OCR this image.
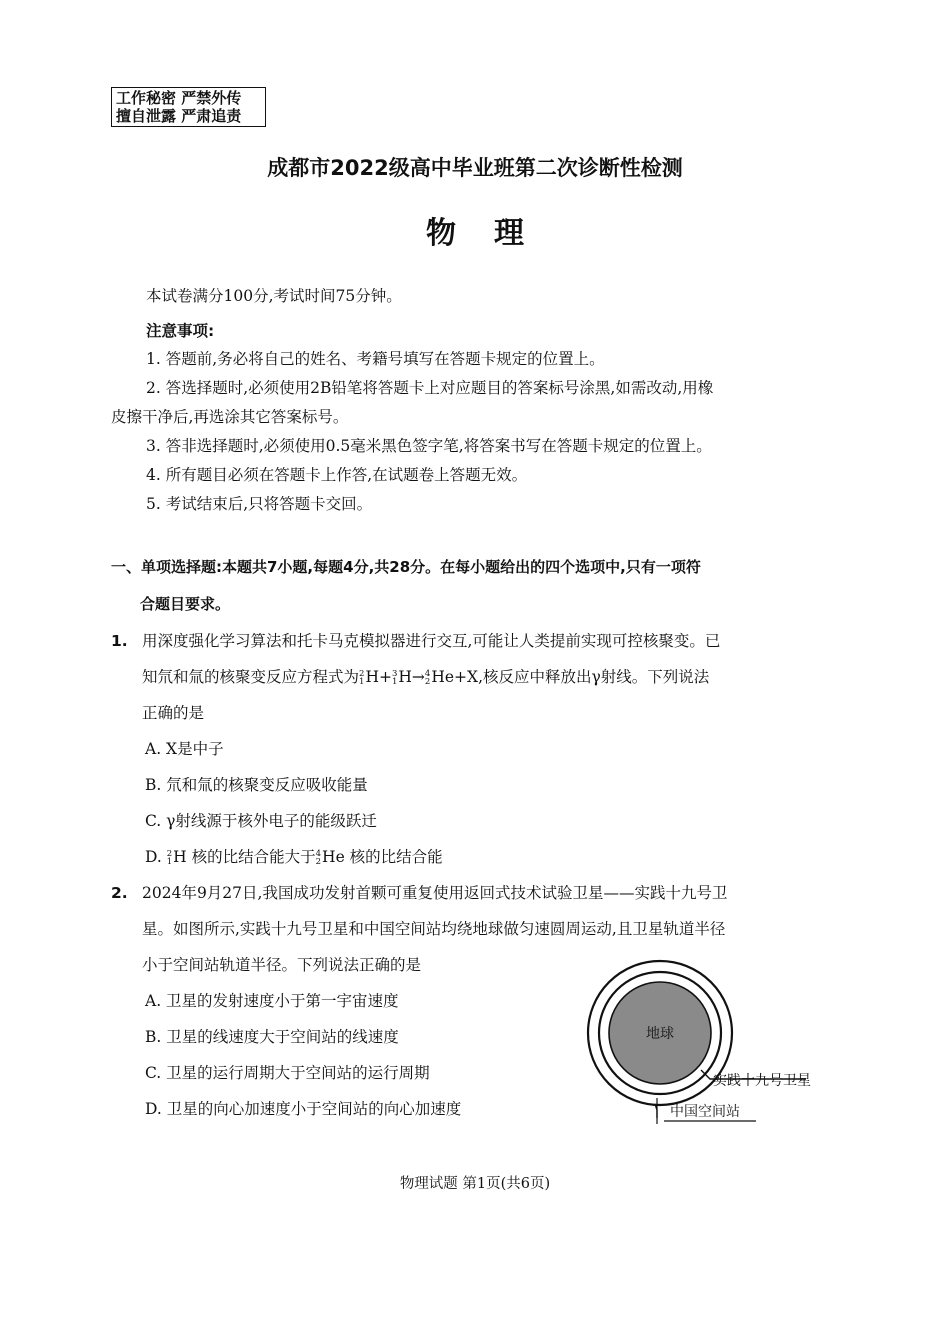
工作秘密 严禁外传
擅自泄露 严肃追责
成都市2022级高中毕业班第二次诊断性检测
物理
本试卷满分100分,考试时间75分钟。
注意事项:
1. 答题前,务必将自己的姓名、考籍号填写在答题卡规定的位置上。
2. 答选择题时,必须使用2B铅笔将答题卡上对应题目的答案标号涂黑,如需改动,用橡
皮擦干净后,再选涂其它答案标号。
3. 答非选择题时,必须使用0.5毫米黑色签字笔,将答案书写在答题卡规定的位置上。
4. 所有题目必须在答题卡上作答,在试题卷上答题无效。
5. 考试结束后,只将答题卡交回。
一、单项选择题:本题共7小题,每题4分,共28分。在每小题给出的四个选项中,只有一项符
合题目要求。
1. 用深度强化学习算法和托卡马克模拟器进行交互,可能让人类提前实现可控核聚变。已
知氘和氚的核聚变反应方程式为 2
1 H+ 3
1 H→ 4
2 He+X,核反应中释放出γ射线。下列说法
正确的是
A. X是中子
B. 氘和氚的核聚变反应吸收能量
C. γ射线源于核外电子的能级跃迁
D. 2
1 H 核的比结合能大于 4
2 He 核的比结合能
2. 2024年9月27日,我国成功发射首颗可重复使用返回式技术试验卫星——实践十九号卫
星。如图所示,实践十九号卫星和中国空间站均绕地球做匀速圆周运动,且卫星轨道半径
小于空间站轨道半径。下列说法正确的是
A. 卫星的发射速度小于第一宇宙速度
B. 卫星的线速度大于空间站的线速度
C. 卫星的运行周期大于空间站的运行周期
D. 卫星的向心加速度小于空间站的向心加速度
地球
实践十九号卫星
中国空间站
物理试题 第1页(共6页)
